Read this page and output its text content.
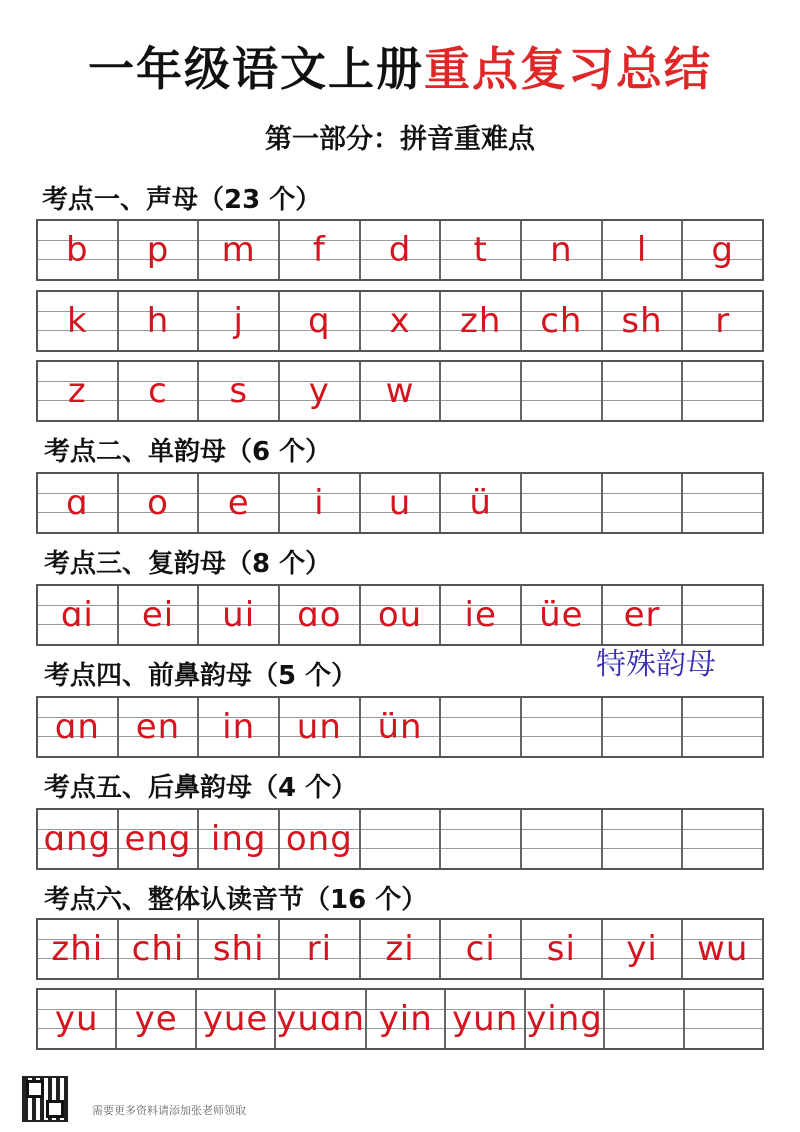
一年级语文上册重点复习总结
第一部分：拼音重难点
考点一、声母（23 个）
b	p	m	f	d	t	n	l	g
k	h	j	q	x	zh	ch	sh	r
z	c	s	y	w
考点二、单韵母（6 个）
ɑ	o	e	i	u	ü
考点三、复韵母（8 个）
ɑi	ei	ui	ɑo	ou	ie	üe	er
特殊韵母
考点四、前鼻韵母（5 个）
ɑn	en	in	un	ün
考点五、后鼻韵母（4 个）
ɑng eng ing ong
考点六、整体认读音节（16 个）
zhi chi shi	ri	zi	ci	si	yi	wu
yu	ye yue yuɑn yin yun ying
需要更多资料请添加张老师领取
